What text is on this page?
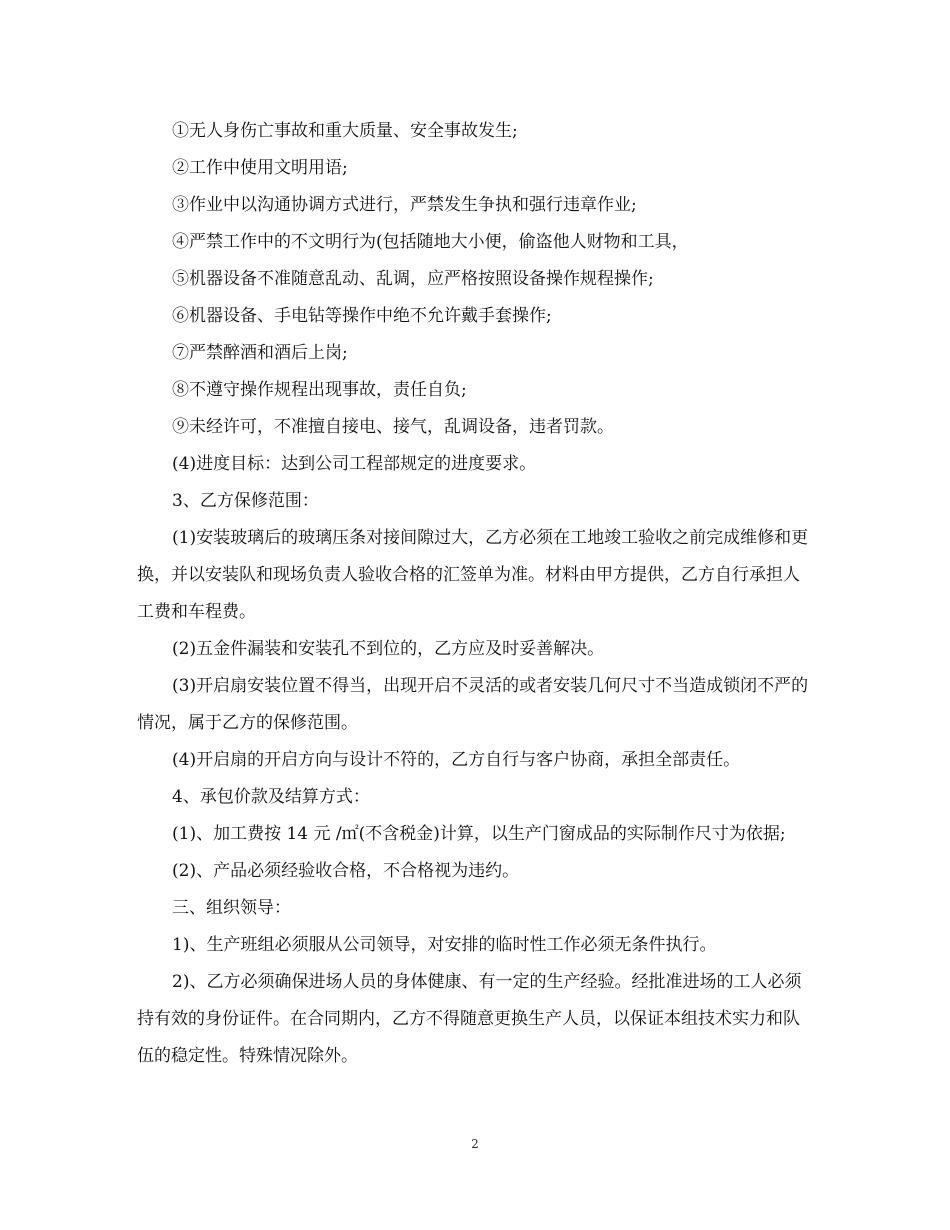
①无人身伤亡事故和重大质量、安全事故发生;

②工作中使用文明用语;

③作业中以沟通协调方式进行，严禁发生争执和强行违章作业;

④严禁工作中的不文明行为(包括随地大小便，偷盗他人财物和工具，

⑤机器设备不准随意乱动、乱调，应严格按照设备操作规程操作;

⑥机器设备、手电钻等操作中绝不允许戴手套操作;

⑦严禁醉酒和酒后上岗;

⑧不遵守操作规程出现事故，责任自负;

⑨未经许可，不准擅自接电、接气，乱调设备，违者罚款。

(4)进度目标：达到公司工程部规定的进度要求。

3、乙方保修范围：

(1)安装玻璃后的玻璃压条对接间隙过大，乙方必须在工地竣工验收之前完成维修和更换，并以安装队和现场负责人验收合格的汇签单为准。材料由甲方提供，乙方自行承担人工费和车程费。

(2)五金件漏装和安装孔不到位的，乙方应及时妥善解决。

(3)开启扇安装位置不得当，出现开启不灵活的或者安装几何尺寸不当造成锁闭不严的情况，属于乙方的保修范围。

(4)开启扇的开启方向与设计不符的，乙方自行与客户协商，承担全部责任。

4、承包价款及结算方式：

(1)、加工费按 14 元 /㎡(不含税金)计算，以生产门窗成品的实际制作尺寸为依据;

(2)、产品必须经验收合格，不合格视为违约。

三、组织领导：

1)、生产班组必须服从公司领导，对安排的临时性工作必须无条件执行。

2)、乙方必须确保进场人员的身体健康、有一定的生产经验。经批准进场的工人必须持有效的身份证件。在合同期内，乙方不得随意更换生产人员，以保证本组技术实力和队伍的稳定性。特殊情况除外。

2
